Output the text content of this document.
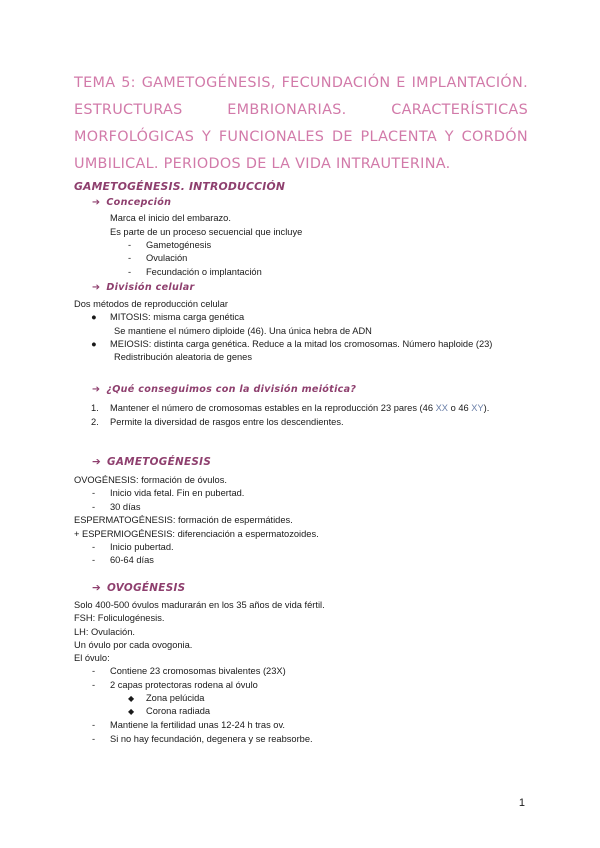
TEMA 5: GAMETOGÉNESIS, FECUNDACIÓN E IMPLANTACIÓN. ESTRUCTURAS EMBRIONARIAS. CARACTERÍSTICAS MORFOLÓGICAS Y FUNCIONALES DE PLACENTA Y CORDÓN UMBILICAL. PERIODOS DE LA VIDA INTRAUTERINA.
GAMETOGÉNESIS. INTRODUCCIÓN
➔ Concepción
Marca el inicio del embarazo.
Es parte de un proceso secuencial que incluye
- Gametogénesis
- Ovulación
- Fecundación o implantación
➔ División celular
Dos métodos de reproducción celular
● MITOSIS: misma carga genética
Se mantiene el número diploide (46). Una única hebra de ADN
● MEIOSIS: distinta carga genética. Reduce a la mitad los cromosomas. Número haploide (23)
Redistribución aleatoria de genes
➔ ¿Qué conseguimos con la división meiótica?
1. Mantener el número de cromosomas estables en la reproducción 23 pares (46 XX o 46 XY).
2. Permite la diversidad de rasgos entre los descendientes.
➔ GAMETOGÉNESIS
OVOGÉNESIS: formación de óvulos.
- Inicio vida fetal. Fin en pubertad.
- 30 días
ESPERMATOGÉNESIS: formación de espermátides.
+ ESPERMIOGÉNESIS: diferenciación a espermatozoides.
- Inicio pubertad.
- 60-64 días
➔ OVOGÉNESIS
Solo 400-500 óvulos madurarán en los 35 años de vida fértil.
FSH: Foliculogénesis.
LH: Ovulación.
Un óvulo por cada ovogonia.
El óvulo:
- Contiene 23 cromosomas bivalentes (23X)
- 2 capas protectoras rodena al óvulo
◆ Zona pelúcida
◆ Corona radiada
- Mantiene la fertilidad unas 12-24 h tras ov.
- Si no hay fecundación, degenera y se reabsorbe.
1
